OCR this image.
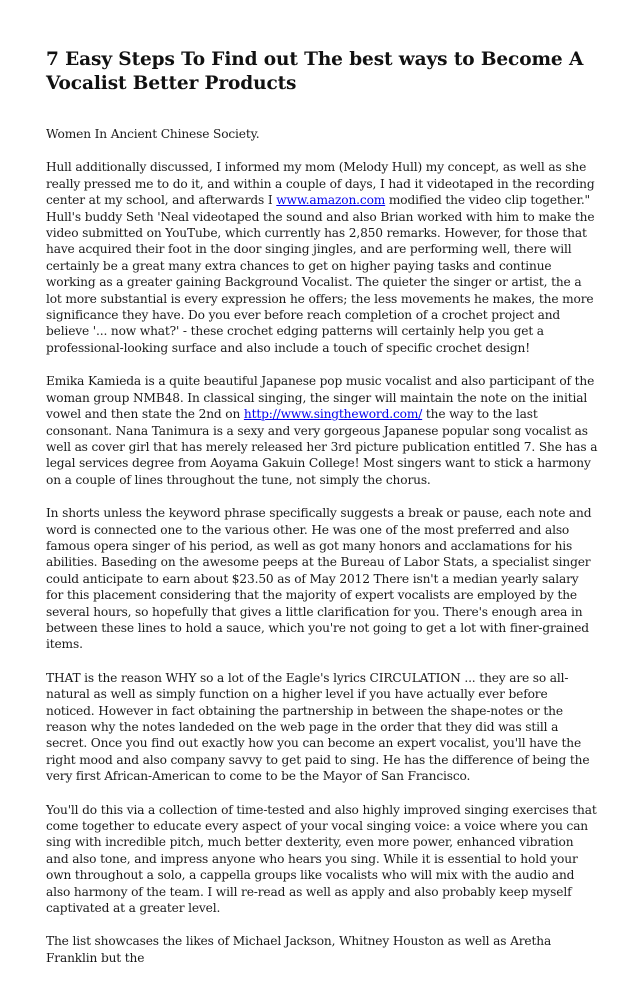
7 Easy Steps To Find out The best ways to Become A Vocalist Better Products

Women In Ancient Chinese Society.

Hull additionally discussed, I informed my mom (Melody Hull) my concept, as well as she really pressed me to do it, and within a couple of days, I had it videotaped in the recording center at my school, and afterwards I www.amazon.com modified the video clip together." Hull's buddy Seth 'Neal videotaped the sound and also Brian worked with him to make the video submitted on YouTube, which currently has 2,850 remarks. However, for those that have acquired their foot in the door singing jingles, and are performing well, there will certainly be a great many extra chances to get on higher paying tasks and continue working as a greater gaining Background Vocalist. The quieter the singer or artist, the a lot more substantial is every expression he offers; the less movements he makes, the more significance they have. Do you ever before reach completion of a crochet project and believe '... now what?' - these crochet edging patterns will certainly help you get a professional-looking surface and also include a touch of specific crochet design!

Emika Kamieda is a quite beautiful Japanese pop music vocalist and also participant of the woman group NMB48. In classical singing, the singer will maintain the note on the initial vowel and then state the 2nd on http://www.singtheword.com/ the way to the last consonant. Nana Tanimura is a sexy and very gorgeous Japanese popular song vocalist as well as cover girl that has merely released her 3rd picture publication entitled 7. She has a legal services degree from Aoyama Gakuin College! Most singers want to stick a harmony on a couple of lines throughout the tune, not simply the chorus.

In shorts unless the keyword phrase specifically suggests a break or pause, each note and word is connected one to the various other. He was one of the most preferred and also famous opera singer of his period, as well as got many honors and acclamations for his abilities. Baseding on the awesome peeps at the Bureau of Labor Stats, a specialist singer could anticipate to earn about $23.50 as of May 2012 There isn't a median yearly salary for this placement considering that the majority of expert vocalists are employed by the several hours, so hopefully that gives a little clarification for you. There's enough area in between these lines to hold a sauce, which you're not going to get a lot with finer-grained items.

THAT is the reason WHY so a lot of the Eagle's lyrics CIRCULATION ... they are so all-natural as well as simply function on a higher level if you have actually ever before noticed. However in fact obtaining the partnership in between the shape-notes or the reason why the notes landeded on the web page in the order that they did was still a secret. Once you find out exactly how you can become an expert vocalist, you'll have the right mood and also company savvy to get paid to sing. He has the difference of being the very first African-American to come to be the Mayor of San Francisco.

You'll do this via a collection of time-tested and also highly improved singing exercises that come together to educate every aspect of your vocal singing voice: a voice where you can sing with incredible pitch, much better dexterity, even more power, enhanced vibration and also tone, and impress anyone who hears you sing. While it is essential to hold your own throughout a solo, a cappella groups like vocalists who will mix with the audio and also harmony of the team. I will re-read as well as apply and also probably keep myself captivated at a greater level.

The list showcases the likes of Michael Jackson, Whitney Houston as well as Aretha Franklin but the
